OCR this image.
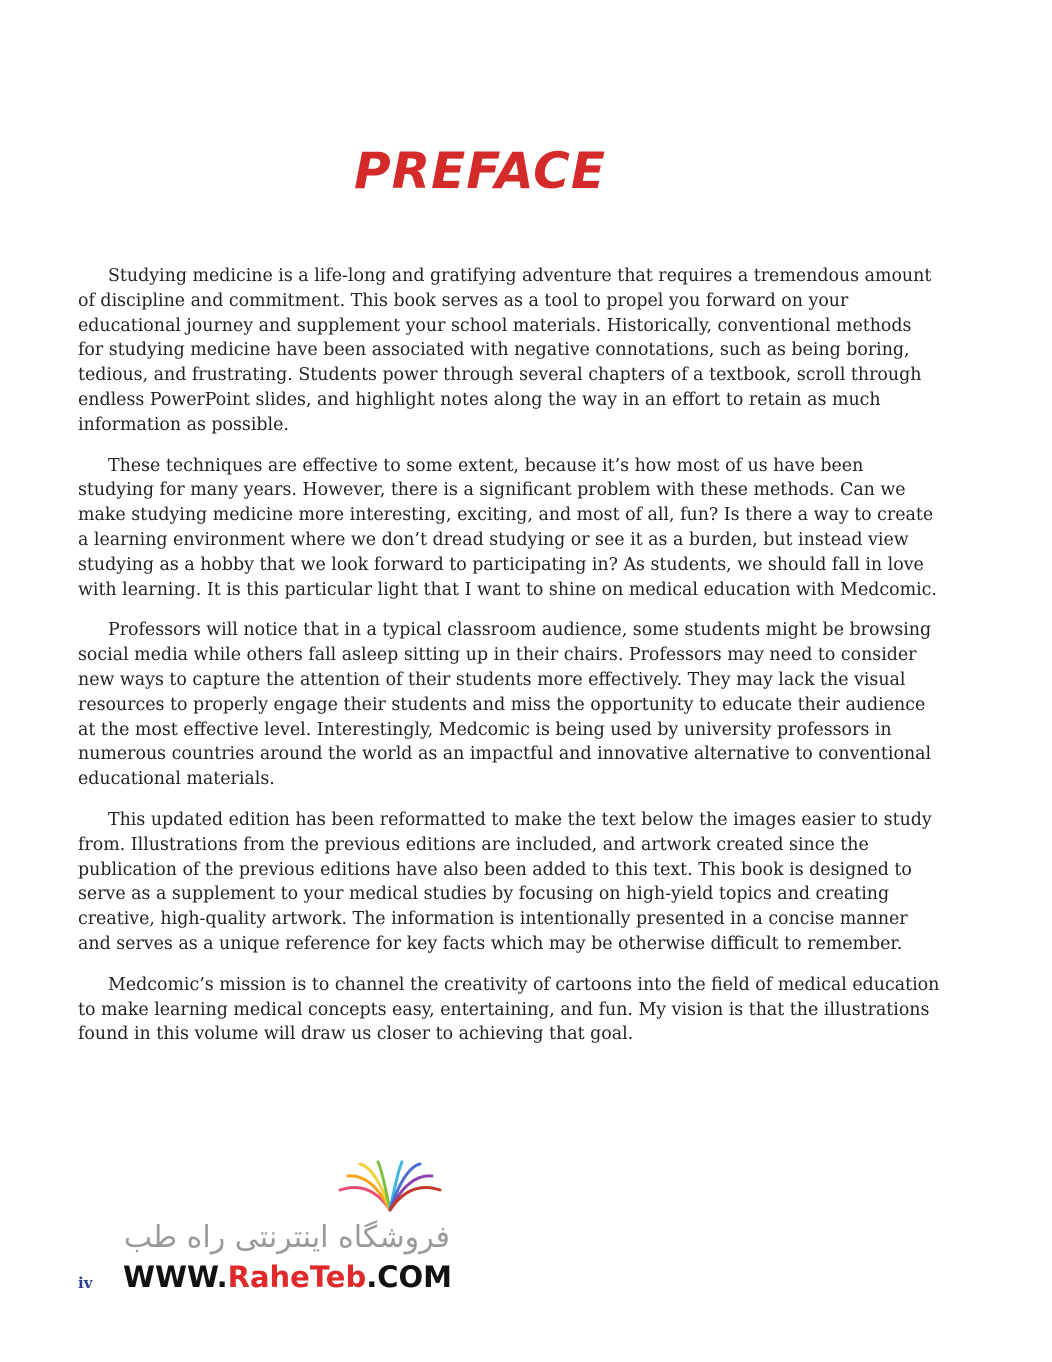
PREFACE

Studying medicine is a life-long and gratifying adventure that requires a tremendous amount of discipline and commitment. This book serves as a tool to propel you forward on your educational journey and supplement your school materials. Historically, conventional methods for studying medicine have been associated with negative connotations, such as being boring, tedious, and frustrating. Students power through several chapters of a textbook, scroll through endless PowerPoint slides, and highlight notes along the way in an effort to retain as much information as possible.

These techniques are effective to some extent, because it’s how most of us have been studying for many years. However, there is a significant problem with these methods. Can we make studying medicine more interesting, exciting, and most of all, fun? Is there a way to create a learning environment where we don’t dread studying or see it as a burden, but instead view studying as a hobby that we look forward to participating in? As students, we should fall in love with learning. It is this particular light that I want to shine on medical education with Medcomic.

Professors will notice that in a typical classroom audience, some students might be browsing social media while others fall asleep sitting up in their chairs. Professors may need to consider new ways to capture the attention of their students more effectively. They may lack the visual resources to properly engage their students and miss the opportunity to educate their audience at the most effective level. Interestingly, Medcomic is being used by university professors in numerous countries around the world as an impactful and innovative alternative to conventional educational materials.

This updated edition has been reformatted to make the text below the images easier to study from. Illustrations from the previous editions are included, and artwork created since the publication of the previous editions have also been added to this text. This book is designed to serve as a supplement to your medical studies by focusing on high-yield topics and creating creative, high-quality artwork. The information is intentionally presented in a concise manner and serves as a unique reference for key facts which may be otherwise difficult to remember.

Medcomic’s mission is to channel the creativity of cartoons into the field of medical education to make learning medical concepts easy, entertaining, and fun. My vision is that the illustrations found in this volume will draw us closer to achieving that goal.

فروشگاه اینترنتی راه طب
WWW.RaheTeb.COM
iv
